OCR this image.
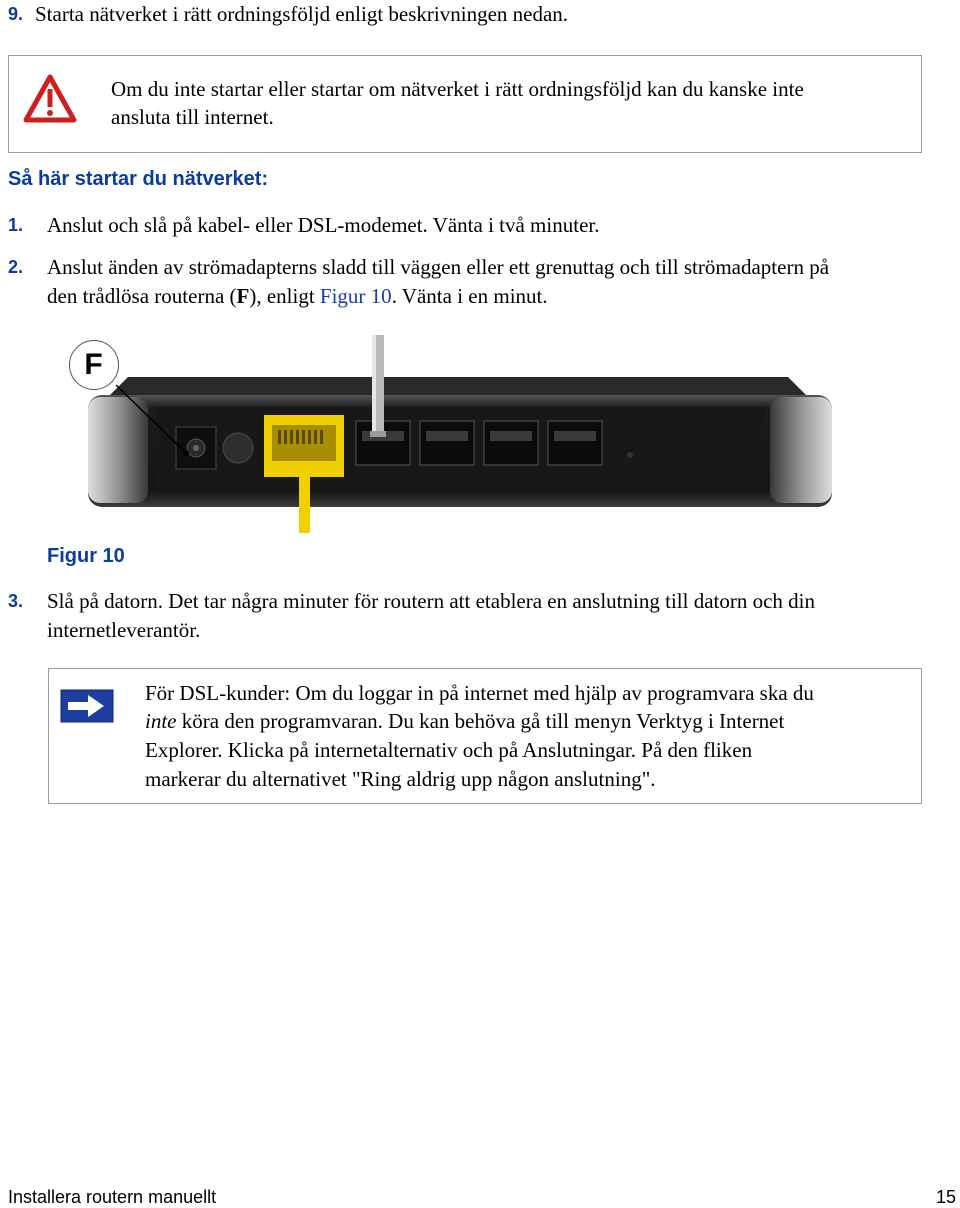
9. Starta nätverket i rätt ordningsföljd enligt beskrivningen nedan.
Om du inte startar eller startar om nätverket i rätt ordningsföljd kan du kanske inte
ansluta till internet.
Så här startar du nätverket:
1. Anslut och slå på kabel- eller DSL-modemet. Vänta i två minuter.
2. Anslut änden av strömadapterns sladd till väggen eller ett grenuttag och till strömadaptern på
den trådlösa routerna (F), enligt Figur 10. Vänta i en minut.
F
Figur 10
3. Slå på datorn. Det tar några minuter för routern att etablera en anslutning till datorn och din
internetleverantör.
För DSL-kunder: Om du loggar in på internet med hjälp av programvara ska du
inte köra den programvaran. Du kan behöva gå till menyn Verktyg i Internet
Explorer. Klicka på internetalternativ och på Anslutningar. På den fliken
markerar du alternativet "Ring aldrig upp någon anslutning".
Installera routern manuellt	15
